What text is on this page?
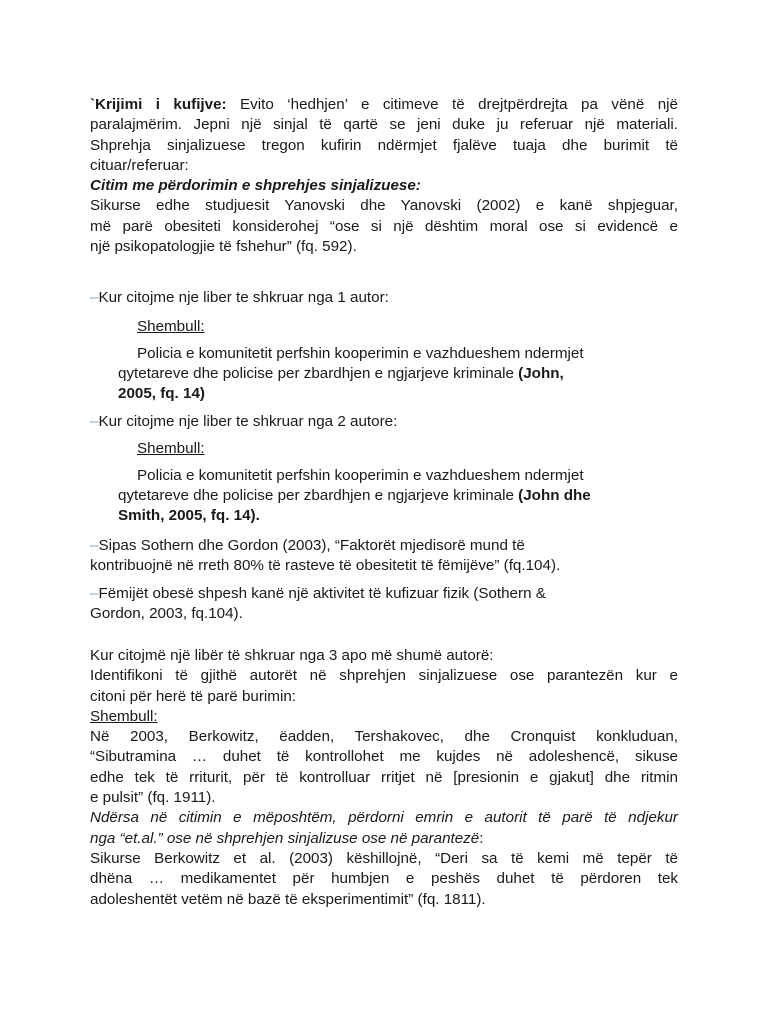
`Krijimi i kufijve: Evito ‘hedhjen’ e citimeve të drejtpërdrejta pa vënë një
paralajmërim. Jepni një sinjal të qartë se jeni duke ju referuar një materiali.
Shprehja sinjalizuese tregon kufirin ndërmjet fjalëve tuaja dhe burimit të
cituar/referuar:
Citim me përdorimin e shprehjes sinjalizuese:
Sikurse edhe studjuesit Yanovski dhe Yanovski (2002) e kanë shpjeguar,
më parë obesiteti konsiderohej “ose si një dështim moral ose si evidencë e
një psikopatologjie të fshehur” (fq. 592).
–Kur citojme nje liber te shkruar nga 1 autor:
Shembull:
Policia e komunitetit perfshin kooperimin e vazhdueshem ndermjet
qytetareve dhe policise per zbardhjen e ngjarjeve kriminale (John,
2005, fq. 14)
–Kur citojme nje liber te shkruar nga 2 autore:
Shembull:
Policia e komunitetit perfshin kooperimin e vazhdueshem ndermjet
qytetareve dhe policise per zbardhjen e ngjarjeve kriminale (John dhe
Smith, 2005, fq. 14).
–Sipas Sothern dhe Gordon (2003), “Faktorët mjedisorë mund të
kontribuojnë në rreth 80% të rasteve të obesitetit të fëmijëve” (fq.104).
–Fëmijët obesë shpesh kanë një aktivitet të kufizuar fizik (Sothern &
Gordon, 2003, fq.104).
Kur citojmë një libër të shkruar nga 3 apo më shumë autorë:
Identifikoni të gjithë autorët në shprehjen sinjalizuese ose parantezën kur e
citoni për herë të parë burimin:
Shembull:
Në 2003, Berkowitz, ëadden, Tershakovec, dhe Cronquist konkluduan,
“Sibutramina … duhet të kontrollohet me kujdes në adoleshencë, sikuse
edhe tek të rriturit, për të kontrolluar rritjet në [presionin e gjakut] dhe ritmin
e pulsit” (fq. 1911).
Ndërsa në citimin e mëposhtëm, përdorni emrin e autorit të parë të ndjekur
nga “et.al.” ose në shprehjen sinjalizuse ose në parantezë:
Sikurse Berkowitz et al. (2003) këshillojnë, “Deri sa të kemi më tepër të
dhëna … medikamentet për humbjen e peshës duhet të përdoren tek
adoleshentët vetëm në bazë të eksperimentimit” (fq. 1811).
